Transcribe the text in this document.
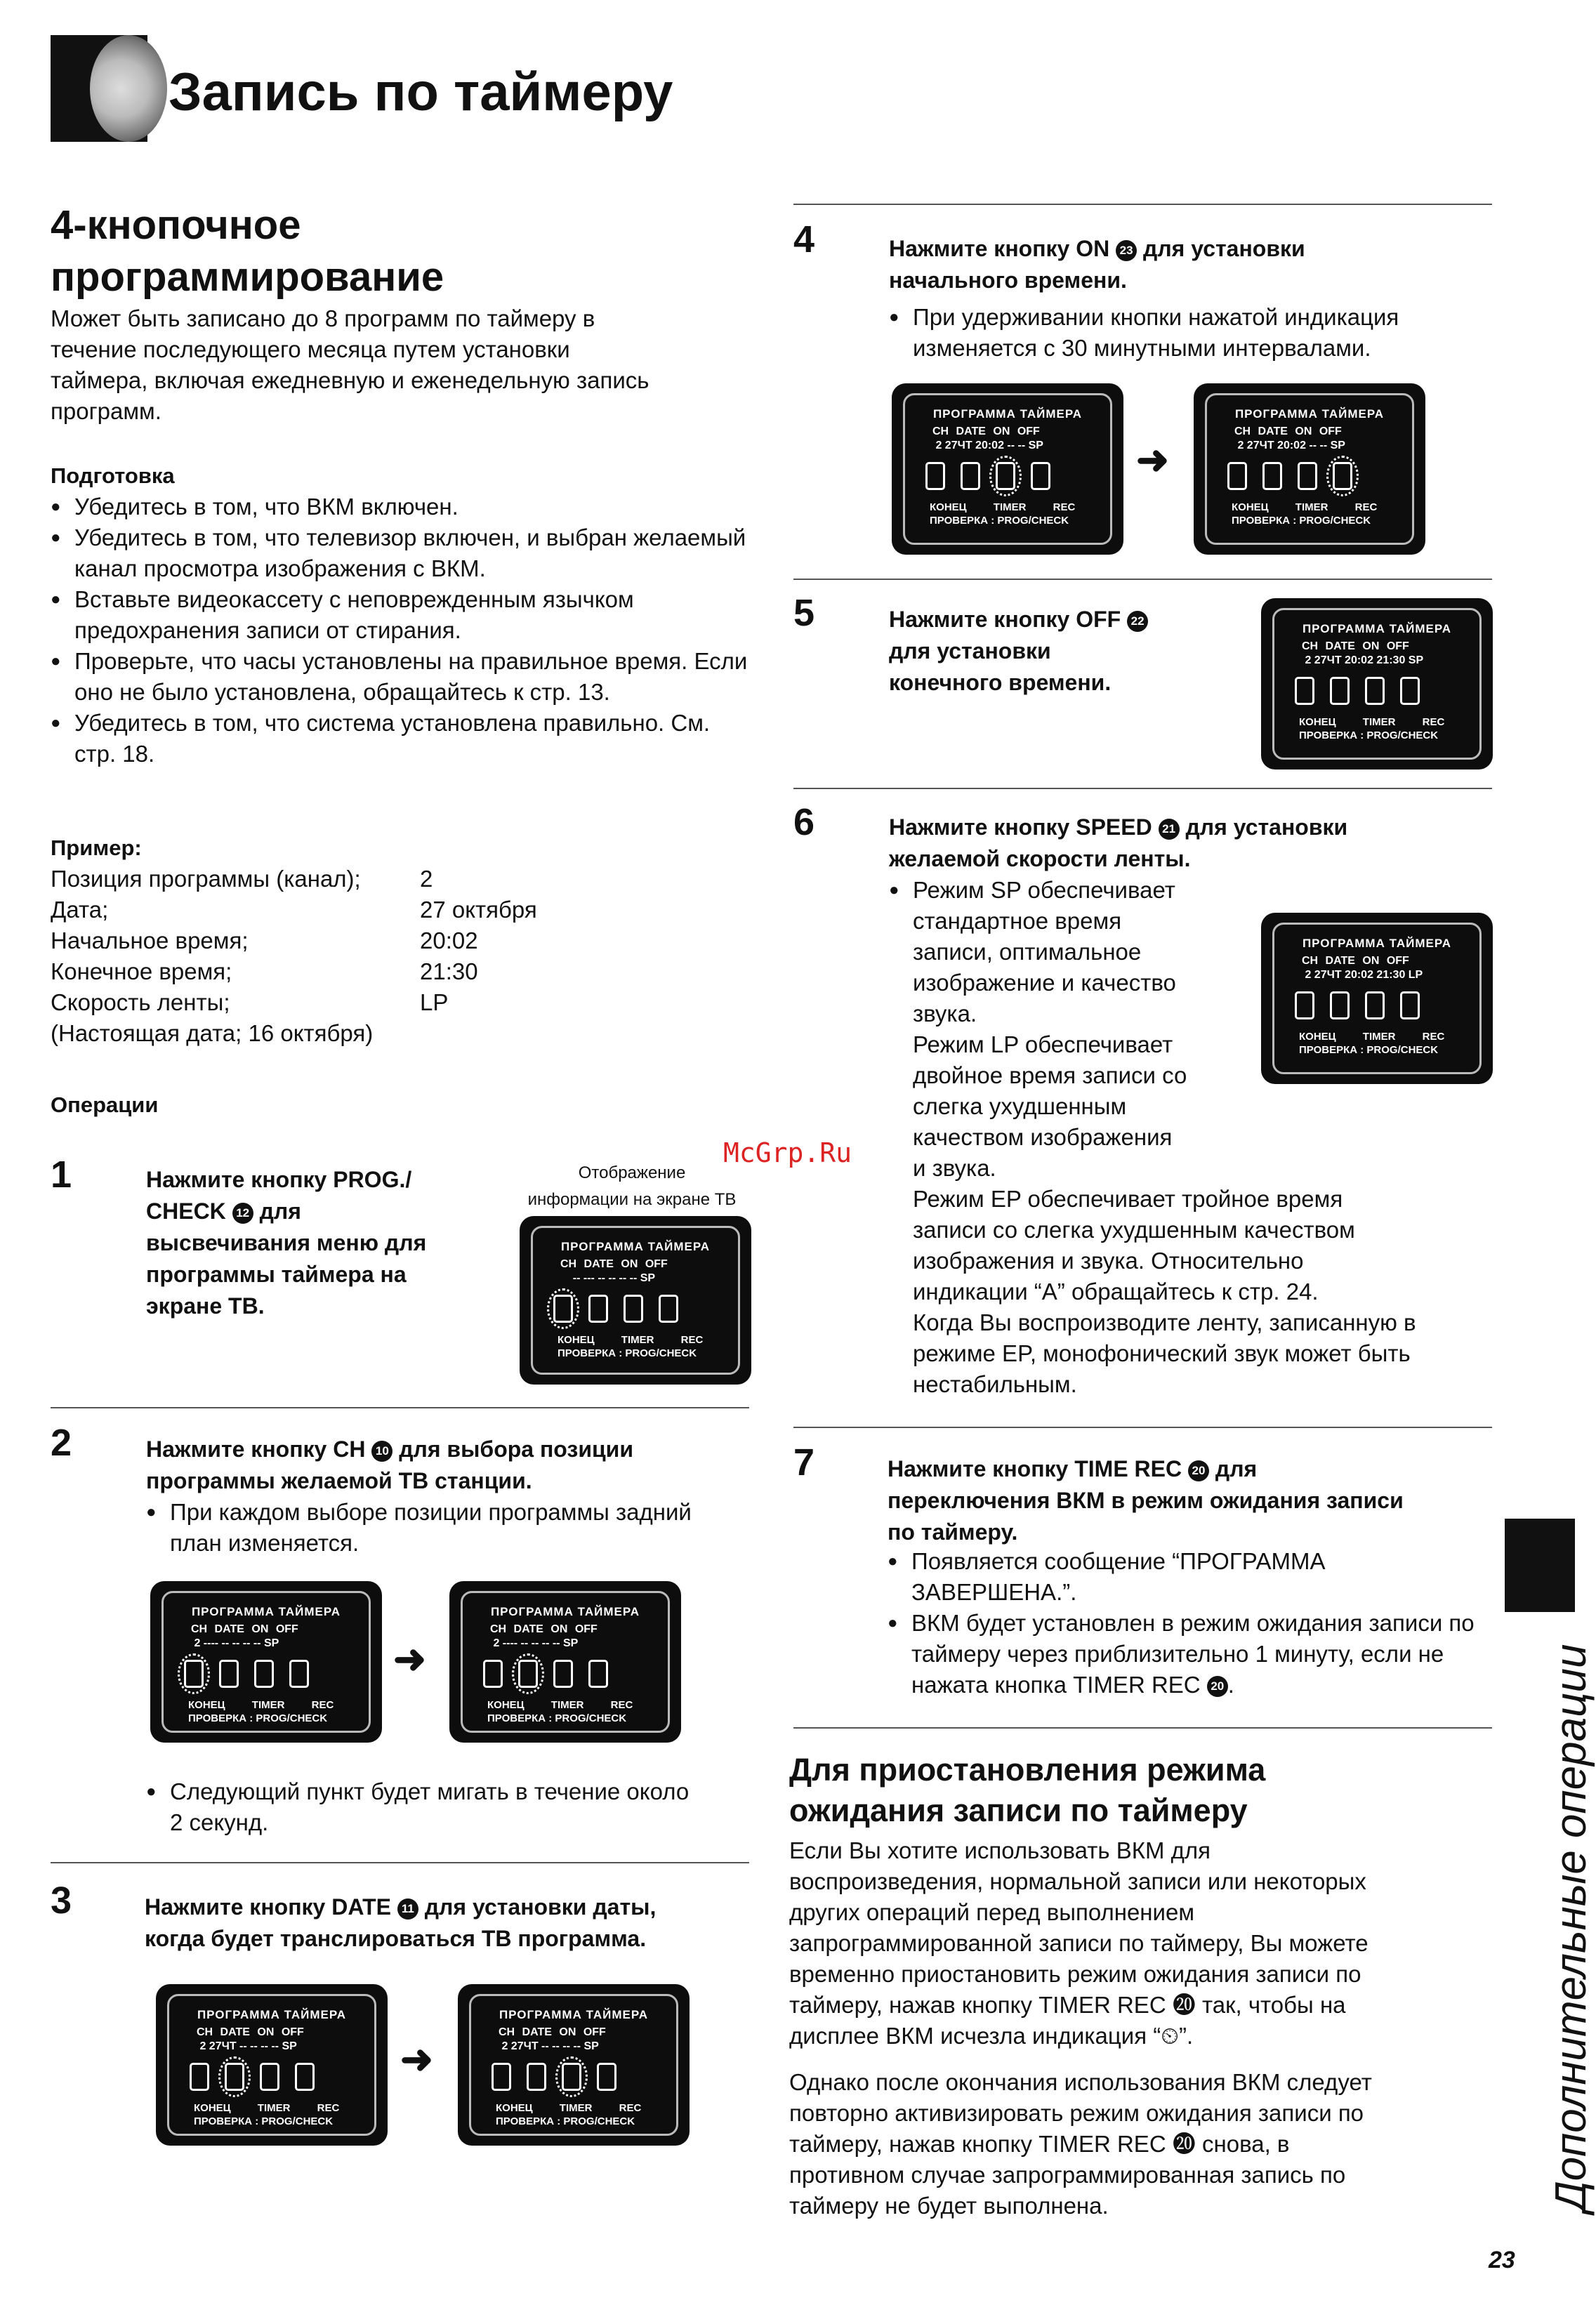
Запись по таймеру
4-кнопочное
программирование
Может быть записано до 8 программ по таймеру в
течение последующего месяца путем установки
таймера, включая ежедневную и еженедельную запись
программ.
Подготовка
● Убедитесь в том, что ВКМ включен.
● Убедитесь в том, что телевизор включен, и выбран желаемый канал просмотра изображения с ВКМ.
● Вставьте видеокассету с неповрежденным язычком предохранения записи от стирания.
● Проверьте, что часы установлены на правильное время. Если оно не было установлена, обращайтесь к стр. 13.
● Убедитесь в том, что система установлена правильно. См. стр. 18.
Пример:
Позиция программы (канал);	2
Дата;	27 октября
Начальное время;	20:02
Конечное время;	21:30
Скорость ленты;	LP
(Настоящая дата; 16 октября)
Операции
1	Нажмите кнопку PROG./
CHECK 12 для
высвечивания меню для
программы таймера на
экране ТВ.
Отображение
информации на экране ТВ
ПРОГРАММА ТАЙМЕРА
CH DATE ON OFF
-- --- -- -- -- -- SP
КОНЕЦ	TIMER REC
ПРОВЕРКА : PROG/CHECK
2	Нажмите кнопку CH 10 для выбора позиции
программы желаемой ТВ станции.
● При каждом выборе позиции программы задний план изменяется.
ПРОГРАММА ТАЙМЕРА
CH DATE ON OFF
2 ---- -- -- -- -- SP
КОНЕЦ	TIMER REC
ПРОВЕРКА : PROG/CHECK
➜
ПРОГРАММА ТАЙМЕРА
CH DATE ON OFF
2 ---- -- -- -- -- SP
КОНЕЦ	TIMER REC
ПРОВЕРКА : PROG/CHECK
● Следующий пункт будет мигать в течение около 2 секунд.
3	Нажмите кнопку DATE 11 для установки даты,
когда будет транслироваться ТВ программа.
ПРОГРАММА ТАЙМЕРА
CH DATE ON OFF
2 27ЧТ -- -- -- -- SP
КОНЕЦ	TIMER REC
ПРОВЕРКА : PROG/CHECK
➜
ПРОГРАММА ТАЙМЕРА
CH DATE ON OFF
2 27ЧТ -- -- -- -- SP
КОНЕЦ	TIMER REC
ПРОВЕРКА : PROG/CHECK
4	Нажмите кнопку ON 23 для установки
начального времени.
● При удерживании кнопки нажатой индикация изменяется с 30 минутными интервалами.
ПРОГРАММА ТАЙМЕРА
CH DATE ON OFF
2 27ЧТ 20:02 -- -- SP
КОНЕЦ	TIMER REC
ПРОВЕРКА : PROG/CHECK
➜
ПРОГРАММА ТАЙМЕРА
CH DATE ON OFF
2 27ЧТ 20:02 -- -- SP
КОНЕЦ	TIMER REC
ПРОВЕРКА : PROG/CHECK
5	Нажмите кнопку OFF 22
для установки
конечного времени.
ПРОГРАММА ТАЙМЕРА
CH DATE ON OFF
2 27ЧТ 20:02 21:30 SP
КОНЕЦ	TIMER REC
ПРОВЕРКА : PROG/CHECK
6	Нажмите кнопку SPEED 21 для установки
желаемой скорости ленты.
● Режим SP обеспечивает
стандартное время
записи, оптимальное
изображение и качество
звука.
Режим LP обеспечивает
двойное время записи со
слегка ухудшенным
качеством изображения
и звука.
Режим EP обеспечивает тройное время
записи со слегка ухудшенным качеством
изображения и звука. Относительно
индикации “A” обращайтесь к стр. 24.
Когда Вы воспроизводите ленту, записанную в
режиме EP, монофонический звук может быть
нестабильным.
ПРОГРАММА ТАЙМЕРА
CH DATE ON OFF
2 27ЧТ 20:02 21:30 LP
КОНЕЦ	TIMER REC
ПРОВЕРКА : PROG/CHECK
McGrp.Ru
7	Нажмите кнопку TIME REC 20 для
переключения ВКМ в режим ожидания записи
по таймеру.
● Появляется сообщение “ПРОГРАММА ЗАВЕРШЕНА.”.
● ВКМ будет установлен в режим ожидания записи по таймеру через приблизительно 1 минуту, если не нажата кнопка TIMER REC 20 .
Для приостановления режима
ожидания записи по таймеру
Если Вы хотите использовать ВКМ для
воспроизведения, нормальной записи или некоторых
других операций перед выполнением
запрограммированной записи по таймеру, Вы можете
временно приостановить режим ожидания записи по
таймеру, нажав кнопку TIMER REC ⓴ так, чтобы на
дисплее ВКМ исчезла индикация “⏲”.
Однако после окончания использования ВКМ следует
повторно активизировать режим ожидания записи по
таймеру, нажав кнопку TIMER REC ⓴ снова, в
противном случае запрограммированная запись по
таймеру не будет выполнена.	Дополнительные операции
23
